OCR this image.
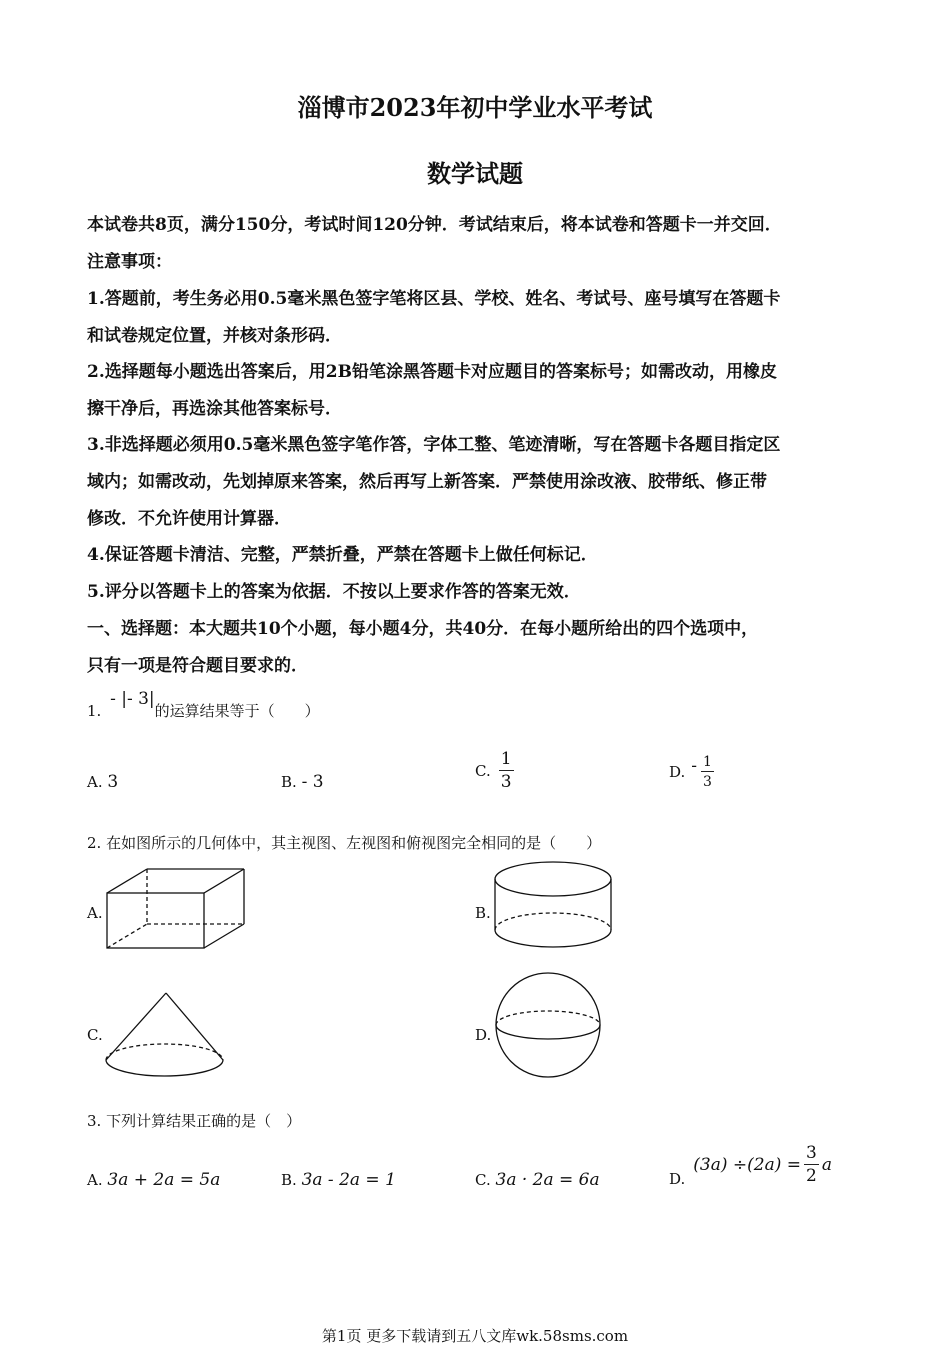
淄博市2023年初中学业水平考试
数学试题
本试卷共8页，满分150分，考试时间120分钟．考试结束后，将本试卷和答题卡一并交回．
注意事项：
1.答题前，考生务必用0.5毫米黑色签字笔将区县、学校、姓名、考试号、座号填写在答题卡
和试卷规定位置，并核对条形码．
2.选择题每小题选出答案后，用2B铅笔涂黑答题卡对应题目的答案标号；如需改动，用橡皮
擦干净后，再选涂其他答案标号．
3.非选择题必须用0.5毫米黑色签字笔作答，字体工整、笔迹清晰，写在答题卡各题目指定区
域内；如需改动，先划掉原来答案，然后再写上新答案．严禁使用涂改液、胶带纸、修正带
修改．不允许使用计算器．
4.保证答题卡清洁、完整，严禁折叠，严禁在答题卡上做任何标记．
5.评分以答题卡上的答案为依据．不按以上要求作答的答案无效．
一、选择题：本大题共10个小题，每小题4分，共40分．在每小题所给出的四个选项中，
只有一项是符合题目要求的．
1. - |- 3|的运算结果等于（　　）
A. 3	B. - 3
C. $\frac{1}{3}$	D. - $\frac{1}{3}$
2. 在如图所示的几何体中，其主视图、左视图和俯视图完全相同的是（　　）
A.	B.
C.	D.
3. 下列计算结果正确的是（　）
A. 3a + 2a = 5a	B. 3a - 2a = 1	C. 3a · 2a = 6a	D.
$(3a) \div(2a) = \frac{3}{2}$ a
第1页 更多下载请到五八文库wk.58sms.com
